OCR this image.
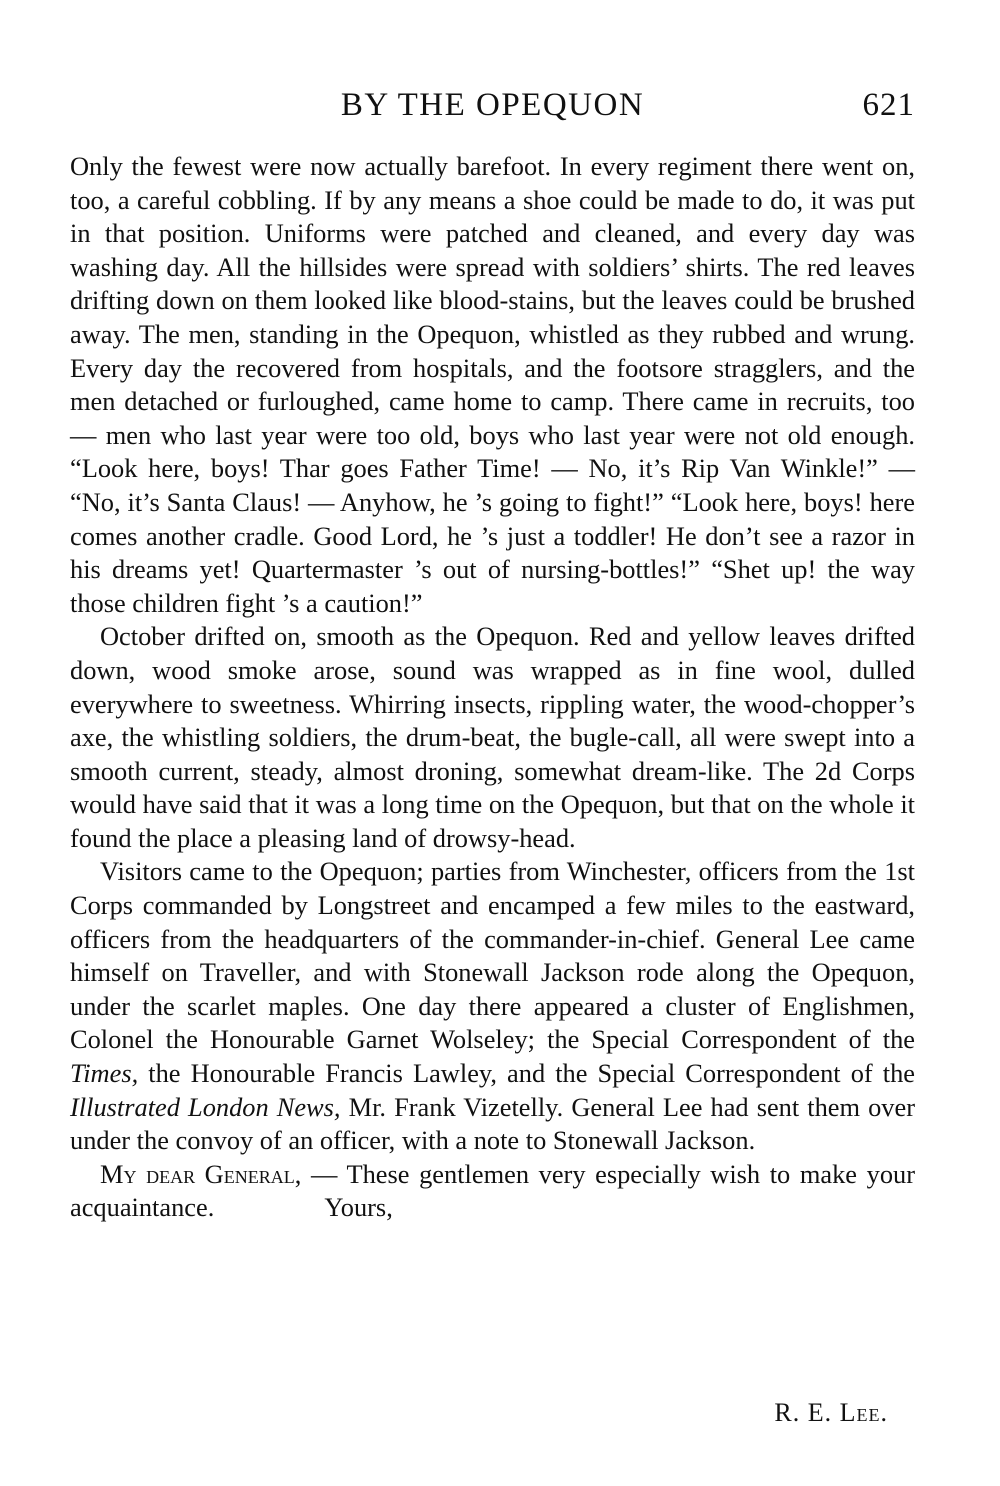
BY THE OPEQUON	621

Only the fewest were now actually barefoot. In every regiment there went on, too, a careful cobbling. If by any means a shoe could be made to do, it was put in that position. Uniforms were patched and cleaned, and every day was washing day. All the hillsides were spread with soldiers’ shirts. The red leaves drifting down on them looked like blood-stains, but the leaves could be brushed away. The men, standing in the Opequon, whistled as they rubbed and wrung. Every day the recovered from hospitals, and the footsore stragglers, and the men detached or furloughed, came home to camp. There came in recruits, too — men who last year were too old, boys who last year were not old enough. “Look here, boys! Thar goes Father Time! — No, it’s Rip Van Winkle!” — “No, it’s Santa Claus! — Anyhow, he ’s going to fight!” “Look here, boys! here comes another cradle. Good Lord, he ’s just a toddler! He don’t see a razor in his dreams yet! Quartermaster ’s out of nursing-bottles!” “Shet up! the way those children fight ’s a caution!”

October drifted on, smooth as the Opequon. Red and yellow leaves drifted down, wood smoke arose, sound was wrapped as in fine wool, dulled everywhere to sweetness. Whirring insects, rippling water, the wood-chopper’s axe, the whistling soldiers, the drum-beat, the bugle-call, all were swept into a smooth current, steady, almost droning, somewhat dream-like. The 2d Corps would have said that it was a long time on the Opequon, but that on the whole it found the place a pleasing land of drowsy-head.

Visitors came to the Opequon; parties from Winchester, officers from the 1st Corps commanded by Longstreet and encamped a few miles to the eastward, officers from the headquarters of the commander-in-chief. General Lee came himself on Traveller, and with Stonewall Jackson rode along the Opequon, under the scarlet maples. One day there appeared a cluster of Englishmen, Colonel the Honourable Garnet Wolseley; the Special Correspondent of the Times, the Honourable Francis Lawley, and the Special Correspondent of the Illustrated London News, Mr. Frank Vizetelly. General Lee had sent them over under the convoy of an officer, with a note to Stonewall Jackson.

My dear General, — These gentlemen very especially wish to make your acquaintance.	Yours,

R. E. Lee.
